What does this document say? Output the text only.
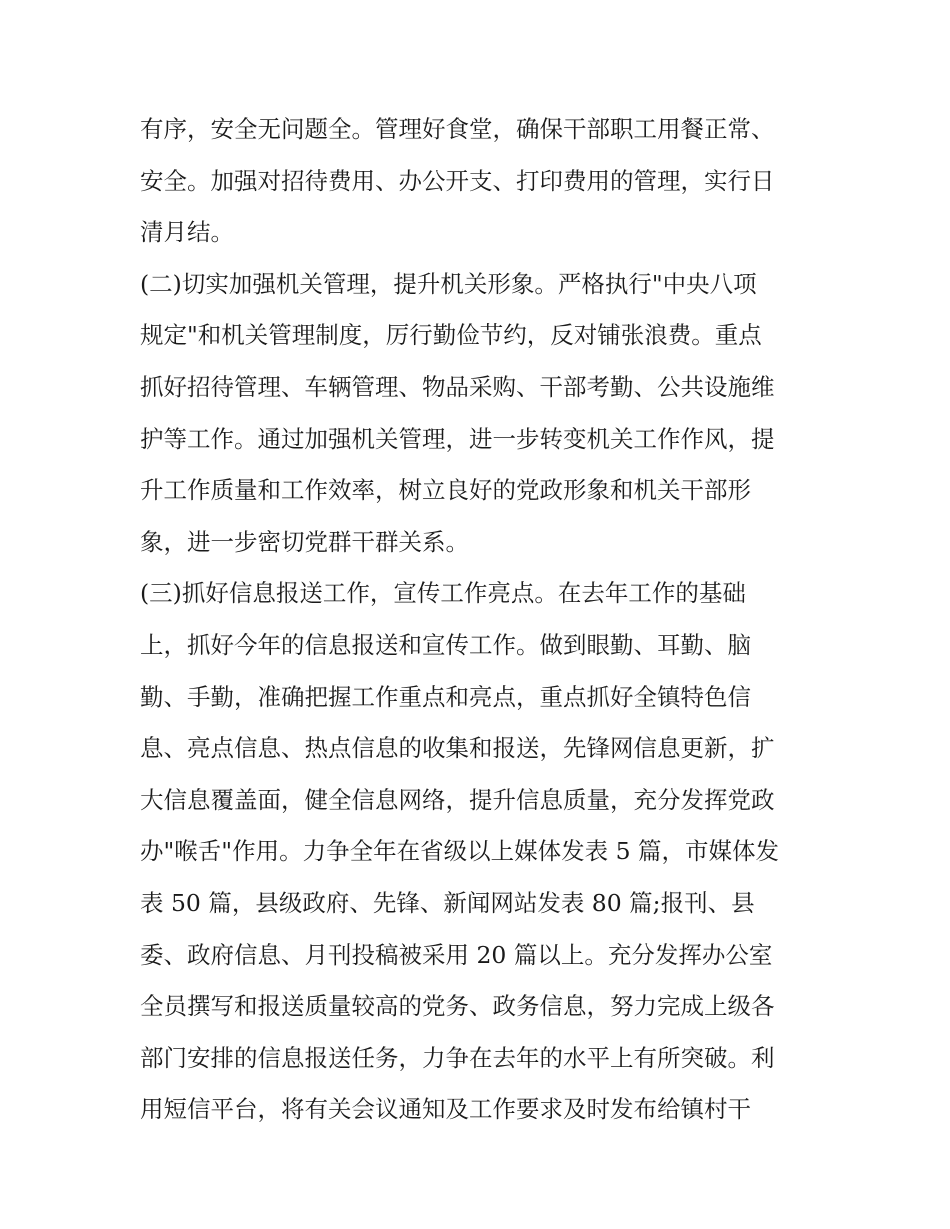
有序，安全无问题全。管理好食堂，确保干部职工用餐正常、
安全。加强对招待费用、办公开支、打印费用的管理，实行日
清月结。
(二)切实加强机关管理，提升机关形象。严格执行"中央八项
规定"和机关管理制度，厉行勤俭节约，反对铺张浪费。重点
抓好招待管理、车辆管理、物品采购、干部考勤、公共设施维
护等工作。通过加强机关管理，进一步转变机关工作作风，提
升工作质量和工作效率，树立良好的党政形象和机关干部形
象，进一步密切党群干群关系。
(三)抓好信息报送工作，宣传工作亮点。在去年工作的基础
上，抓好今年的信息报送和宣传工作。做到眼勤、耳勤、脑
勤、手勤，准确把握工作重点和亮点，重点抓好全镇特色信
息、亮点信息、热点信息的收集和报送，先锋网信息更新，扩
大信息覆盖面，健全信息网络，提升信息质量，充分发挥党政
办"喉舌"作用。力争全年在省级以上媒体发表 5 篇，市媒体发
表 50 篇，县级政府、先锋、新闻网站发表 80 篇;报刊、县
委、政府信息、月刊投稿被采用 20 篇以上。充分发挥办公室
全员撰写和报送质量较高的党务、政务信息，努力完成上级各
部门安排的信息报送任务，力争在去年的水平上有所突破。利
用短信平台，将有关会议通知及工作要求及时发布给镇村干
